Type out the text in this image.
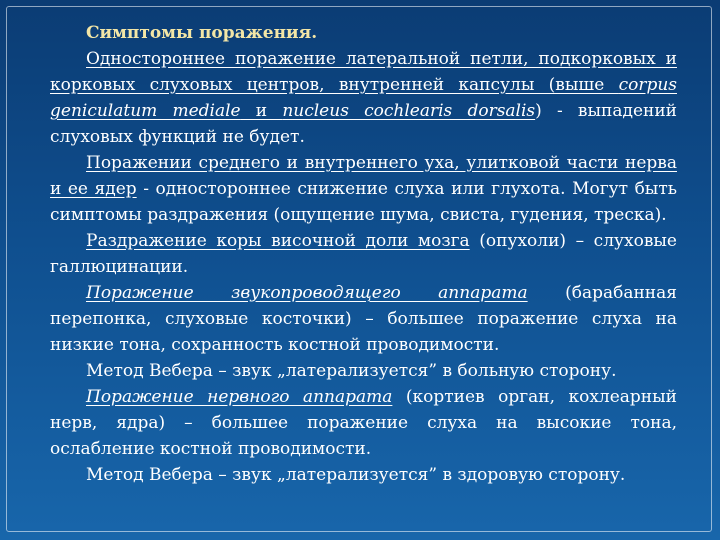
Симптомы поражения.

Одностороннее поражение латеральной петли, подкорковых и корковых слуховых центров, внутренней капсулы (выше corpus geniculatum mediale и nucleus cochlearis dorsalis) - выпадений слуховых функций не будет.

Поражении среднего и внутреннего уха, улитковой части нерва и ее ядер - одностороннее снижение слуха или глухота. Могут быть симптомы раздражения (ощущение шума, свиста, гудения, треска).

Раздражение коры височной доли мозга (опухоли) – слуховые галлюцинации.

Поражение звукопроводящего аппарата (барабанная перепонка, слуховые косточки) – большее поражение слуха на низкие тона, сохранность костной проводимости.

Метод Вебера – звук „латерализуется” в больную сторону.

Поражение нервного аппарата (кортиев орган, кохлеарный нерв, ядра) – большее поражение слуха на высокие тона, ослабление костной проводимости.

Метод Вебера – звук „латерализуется” в здоровую сторону.
